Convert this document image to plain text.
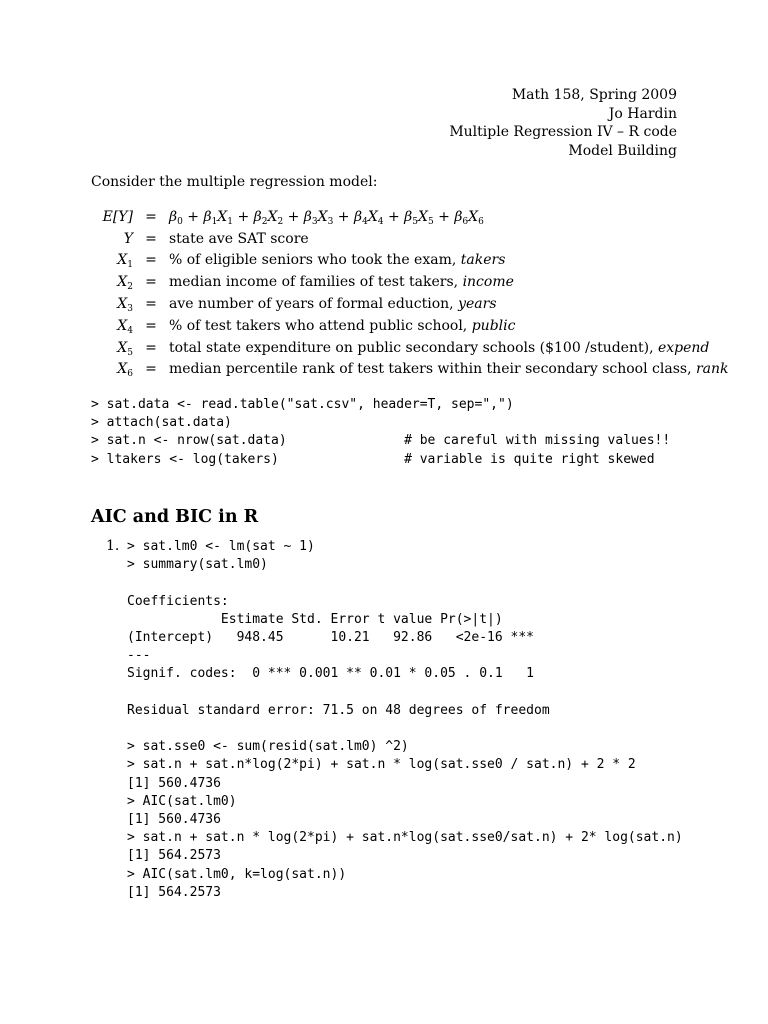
Math 158, Spring 2009
Jo Hardin
Multiple Regression IV – R code
Model Building
Consider the multiple regression model:
E[Y]	=	$\beta_0 + \beta_1X_1 + \beta_2X_2 + \beta_3X_3 + \beta_4X_4 + \beta_5X_5 + \beta_6X_6$
Y	=	state ave SAT score
$X_1$	=	% of eligible seniors who took the exam, takers
$X_2$	=	median income of families of test takers, income
$X_3$	=	ave number of years of formal eduction, years
$X_4$	=	% of test takers who attend public school, public
$X_5$	=	total state expenditure on public secondary schools ($100 /student), expend
$X_6$	=	median percentile rank of test takers within their secondary school class, rank
> sat.data <- read.table("sat.csv", header=T, sep=",")
> attach(sat.data)
> sat.n <- nrow(sat.data)               # be careful with missing values!!
> ltakers <- log(takers)                # variable is quite right skewed
AIC and BIC in R
1. > sat.lm0 <- lm(sat ~ 1)
> summary(sat.lm0)

Coefficients:
Estimate Std. Error t value Pr(>|t|)
(Intercept)   948.45      10.21   92.86   <2e-16 ***
---
Signif. codes:  0 *** 0.001 ** 0.01 * 0.05 . 0.1   1

Residual standard error: 71.5 on 48 degrees of freedom

> sat.sse0 <- sum(resid(sat.lm0) ^2)
> sat.n + sat.n*log(2*pi) + sat.n * log(sat.sse0 / sat.n) + 2 * 2
[1] 560.4736
> AIC(sat.lm0)
[1] 560.4736
> sat.n + sat.n * log(2*pi) + sat.n*log(sat.sse0/sat.n) + 2* log(sat.n)
[1] 564.2573
> AIC(sat.lm0, k=log(sat.n))
[1] 564.2573
